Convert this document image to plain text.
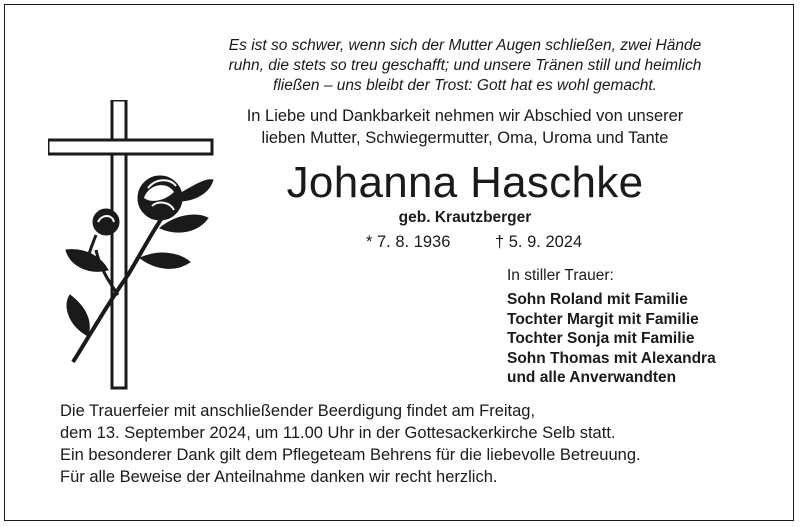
Es ist so schwer, wenn sich der Mutter Augen schließen, zwei Hände
ruhn, die stets so treu geschafft; und unsere Tränen still und heimlich
fließen – uns bleibt der Trost: Gott hat es wohl gemacht.
In Liebe und Dankbarkeit nehmen wir Abschied von unserer
lieben Mutter, Schwiegermutter, Oma, Uroma und Tante
Johanna Haschke
geb. Krautzberger
* 7. 8. 1936	† 5. 9. 2024
In stiller Trauer:
Sohn Roland mit Familie
Tochter Margit mit Familie
Tochter Sonja mit Familie
Sohn Thomas mit Alexandra
und alle Anverwandten

Die Trauerfeier mit anschließender Beerdigung findet am Freitag,

dem 13. September 2024, um 11.00 Uhr in der Gottesackerkirche Selb statt.

Ein besonderer Dank gilt dem Pflegeteam Behrens für die liebevolle Betreuung.

Für alle Beweise der Anteilnahme danken wir recht herzlich.
